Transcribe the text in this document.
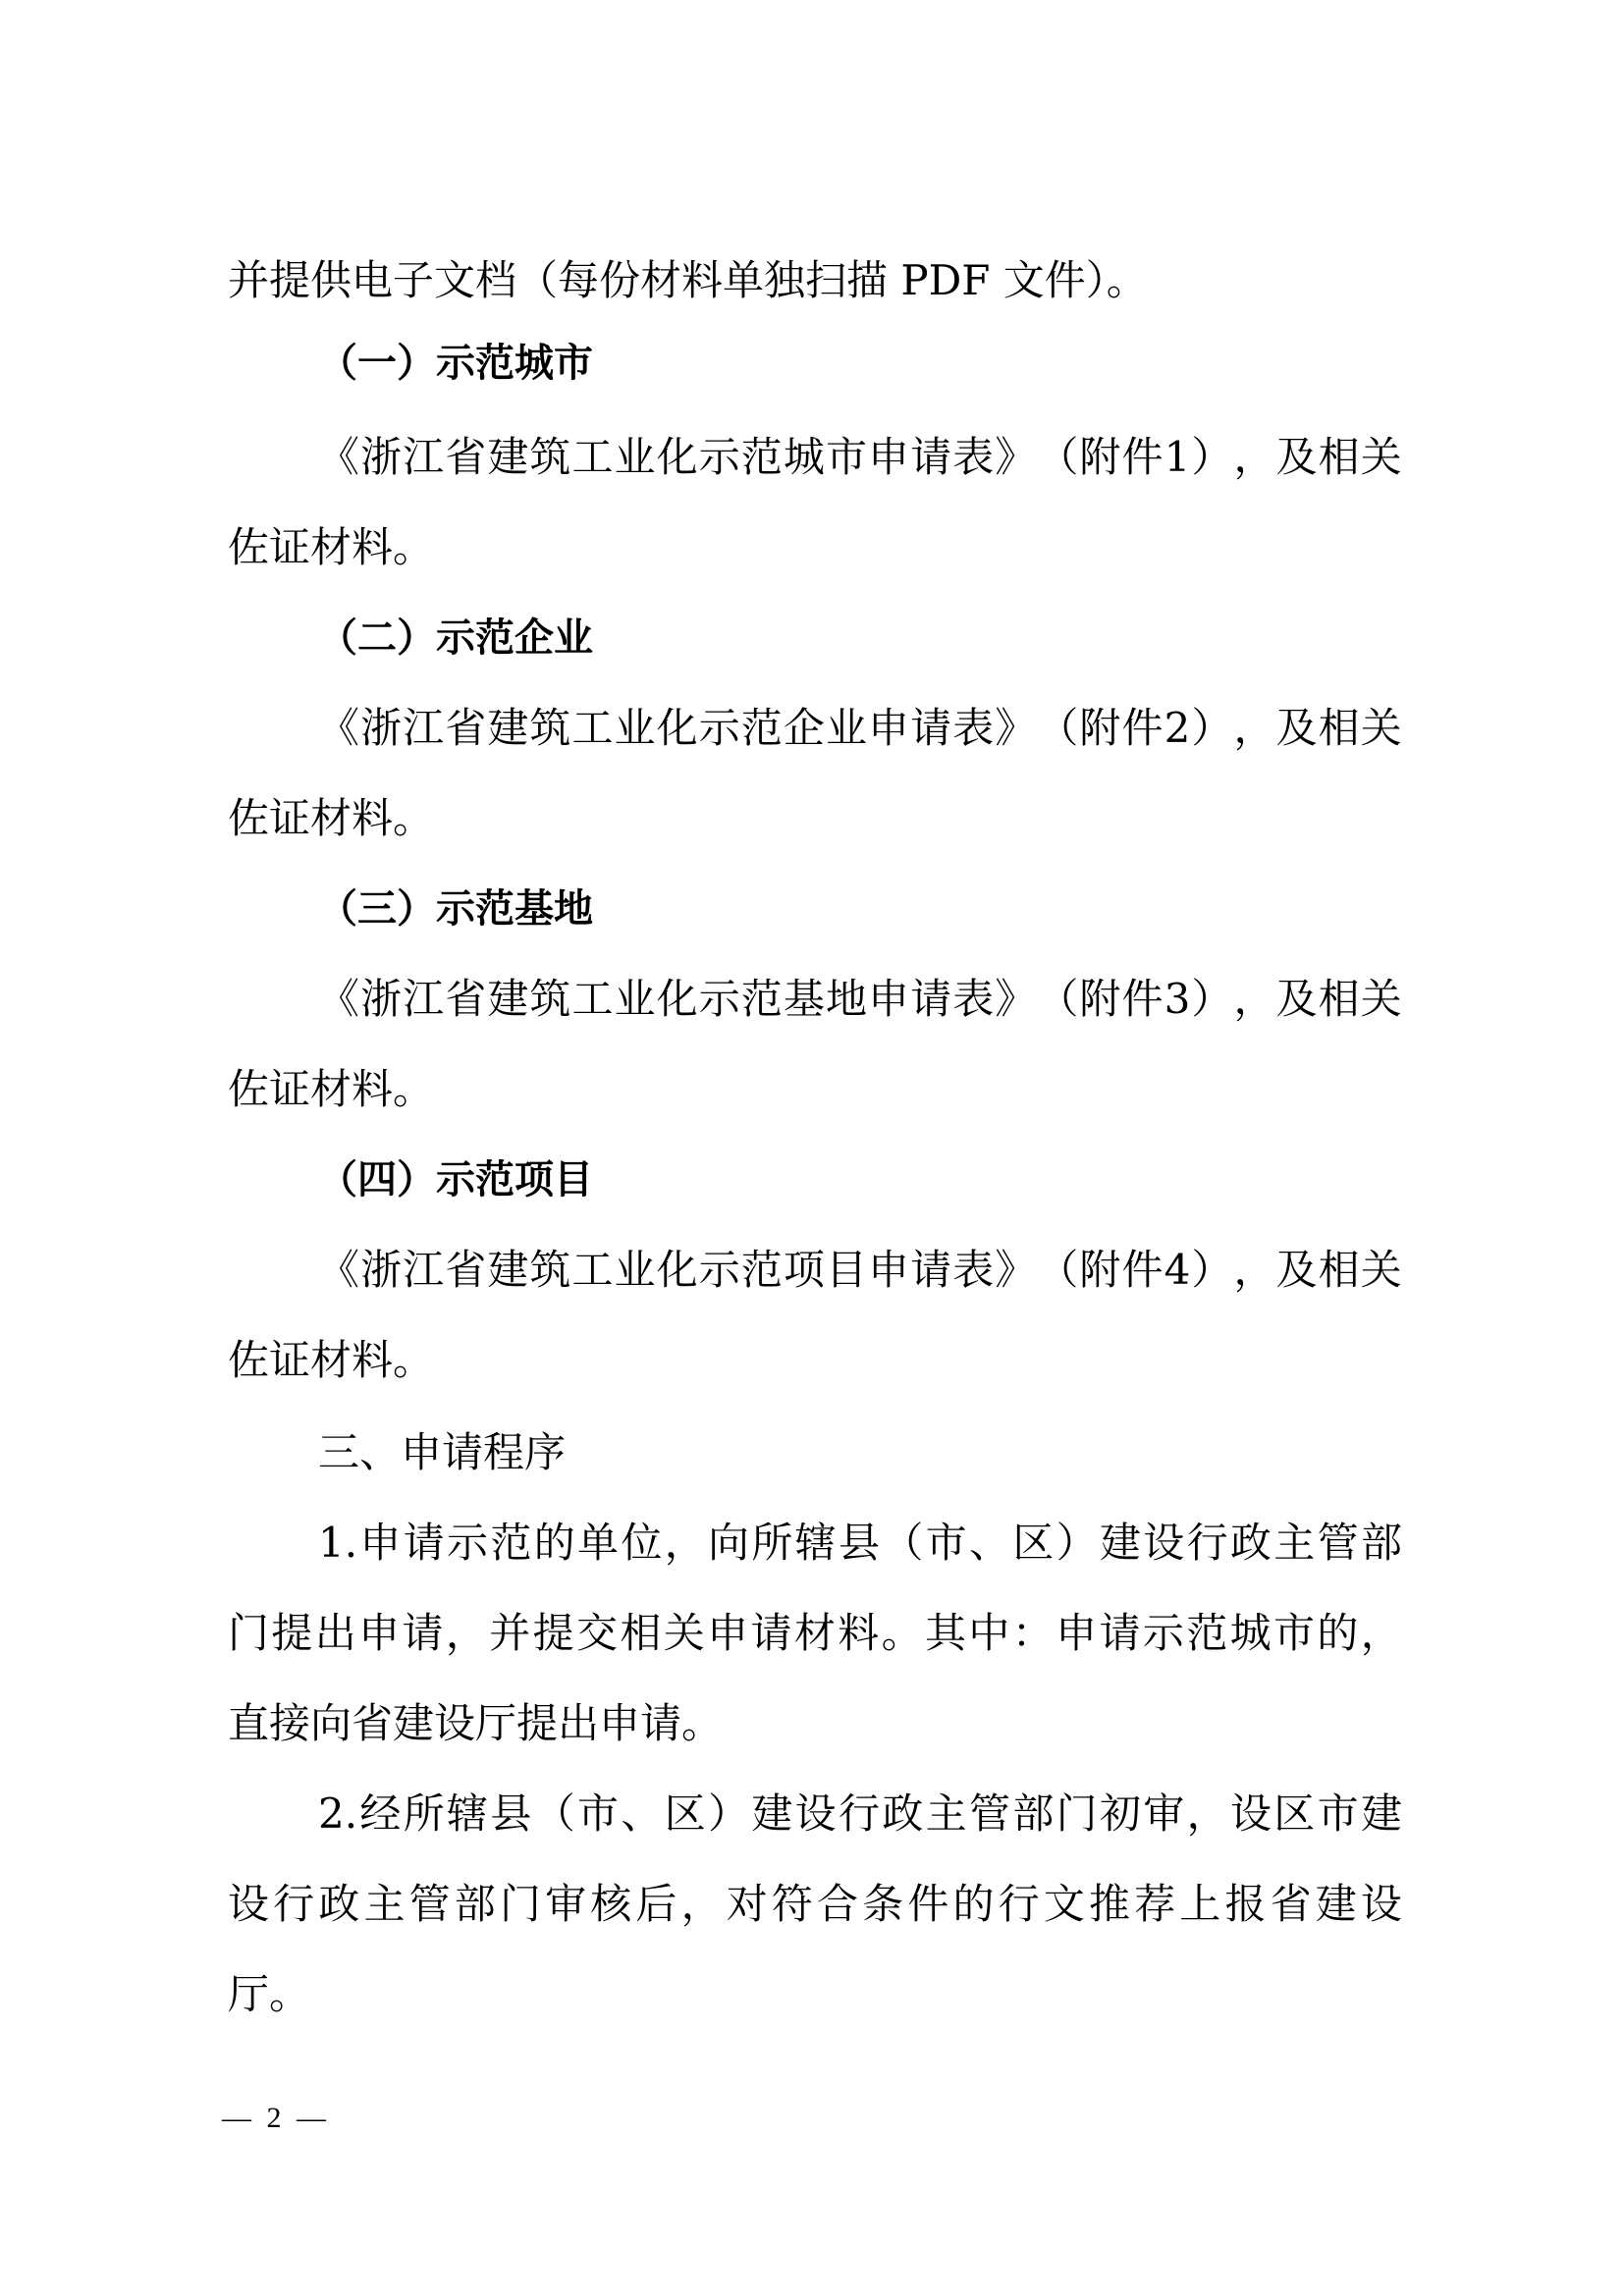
并提供电子文档（每份材料单独扫描 PDF 文件）。
（一）示范城市
《 浙 江 省 建 筑 工 业 化 示 范 城 市 申 请 表 》 （ 附 件 1 ） ， 及 相 关
佐证材料。
（二）示范企业
《 浙 江 省 建 筑 工 业 化 示 范 企 业 申 请 表 》 （ 附 件 2 ） ， 及 相 关
佐证材料。
（三）示范基地
《 浙 江 省 建 筑 工 业 化 示 范 基 地 申 请 表 》 （ 附 件 3 ） ， 及 相 关
佐证材料。
（四）示范项目
《 浙 江 省 建 筑 工 业 化 示 范 项 目 申 请 表 》 （ 附 件 4 ） ， 及 相 关
佐证材料。
三、申请程序
1. 申 请 示 范 的 单 位 ， 向 所 辖 县 （ 市 、 区 ） 建 设 行 政 主 管 部
门 提 出 申 请 ， 并 提 交 相 关 申 请 材 料 。 其 中 ： 申 请 示 范 城 市 的 ，
直接向省建设厅提出申请。
2. 经 所 辖 县 （ 市 、 区 ） 建 设 行 政 主 管 部 门 初 审 ， 设 区 市 建
设 行 政 主 管 部 门 审 核 后 ， 对 符 合 条 件 的 行 文 推 荐 上 报 省 建 设
厅。
— 2 —
